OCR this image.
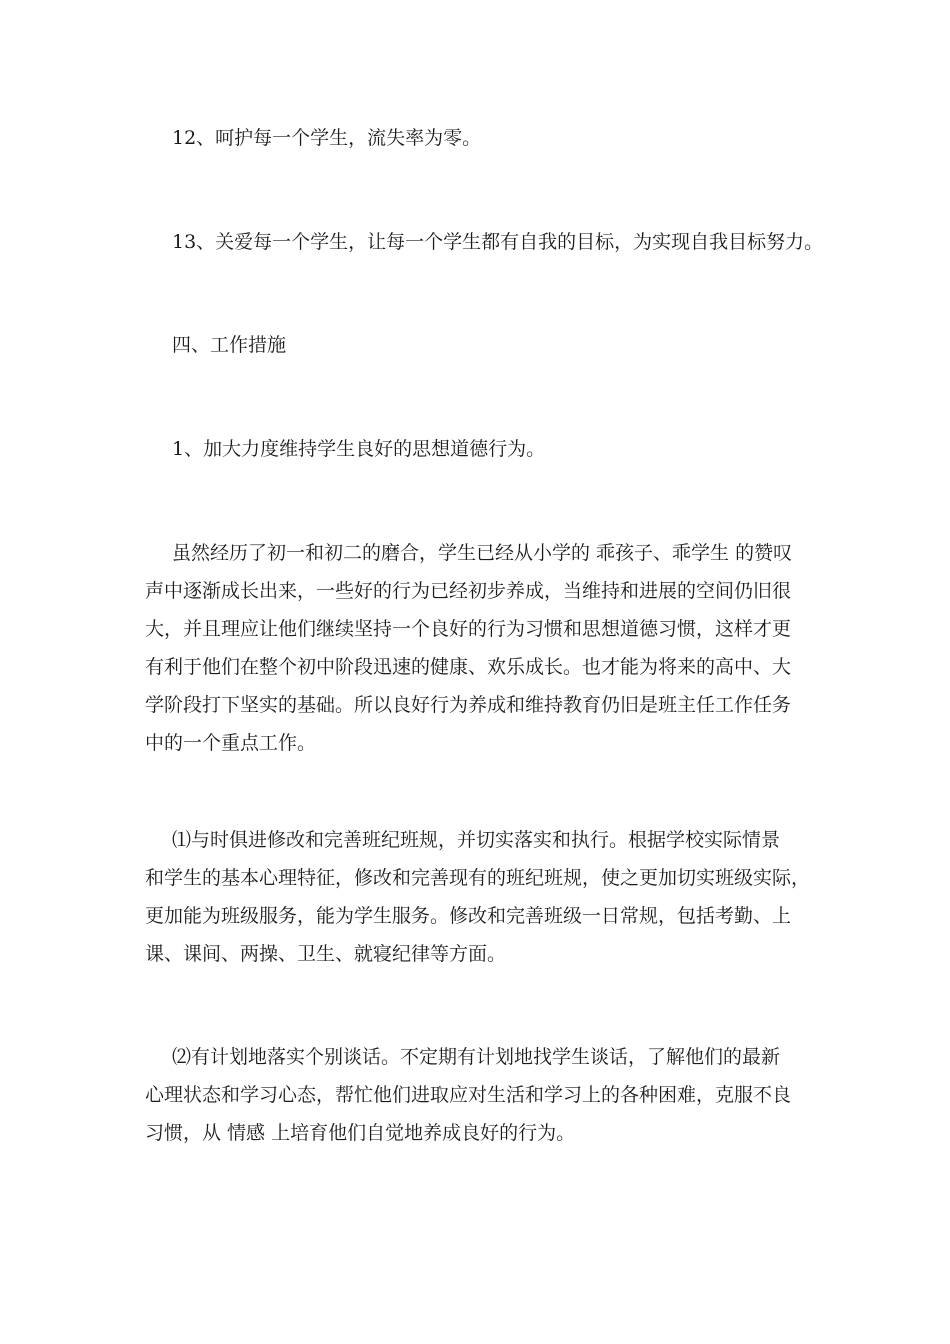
12、呵护每一个学生，流失率为零。

13、关爱每一个学生，让每一个学生都有自我的目标，为实现自我目标努力。

四、工作措施

1、加大力度维持学生良好的思想道德行为。

虽然经历了初一和初二的磨合，学生已经从小学的 乖孩子、乖学生 的赞叹
声中逐渐成长出来，一些好的行为已经初步养成，当维持和进展的空间仍旧很
大，并且理应让他们继续坚持一个良好的行为习惯和思想道德习惯，这样才更
有利于他们在整个初中阶段迅速的健康、欢乐成长。也才能为将来的高中、大
学阶段打下坚实的基础。所以良好行为养成和维持教育仍旧是班主任工作任务
中的一个重点工作。
⑴与时俱进修改和完善班纪班规，并切实落实和执行。根据学校实际情景
和学生的基本心理特征，修改和完善现有的班纪班规，使之更加切实班级实际，
更加能为班级服务，能为学生服务。修改和完善班级一日常规，包括考勤、上
课、课间、两操、卫生、就寝纪律等方面。
⑵有计划地落实个别谈话。不定期有计划地找学生谈话，了解他们的最新
心理状态和学习心态，帮忙他们进取应对生活和学习上的各种困难，克服不良
习惯，从 情感 上培育他们自觉地养成良好的行为。
